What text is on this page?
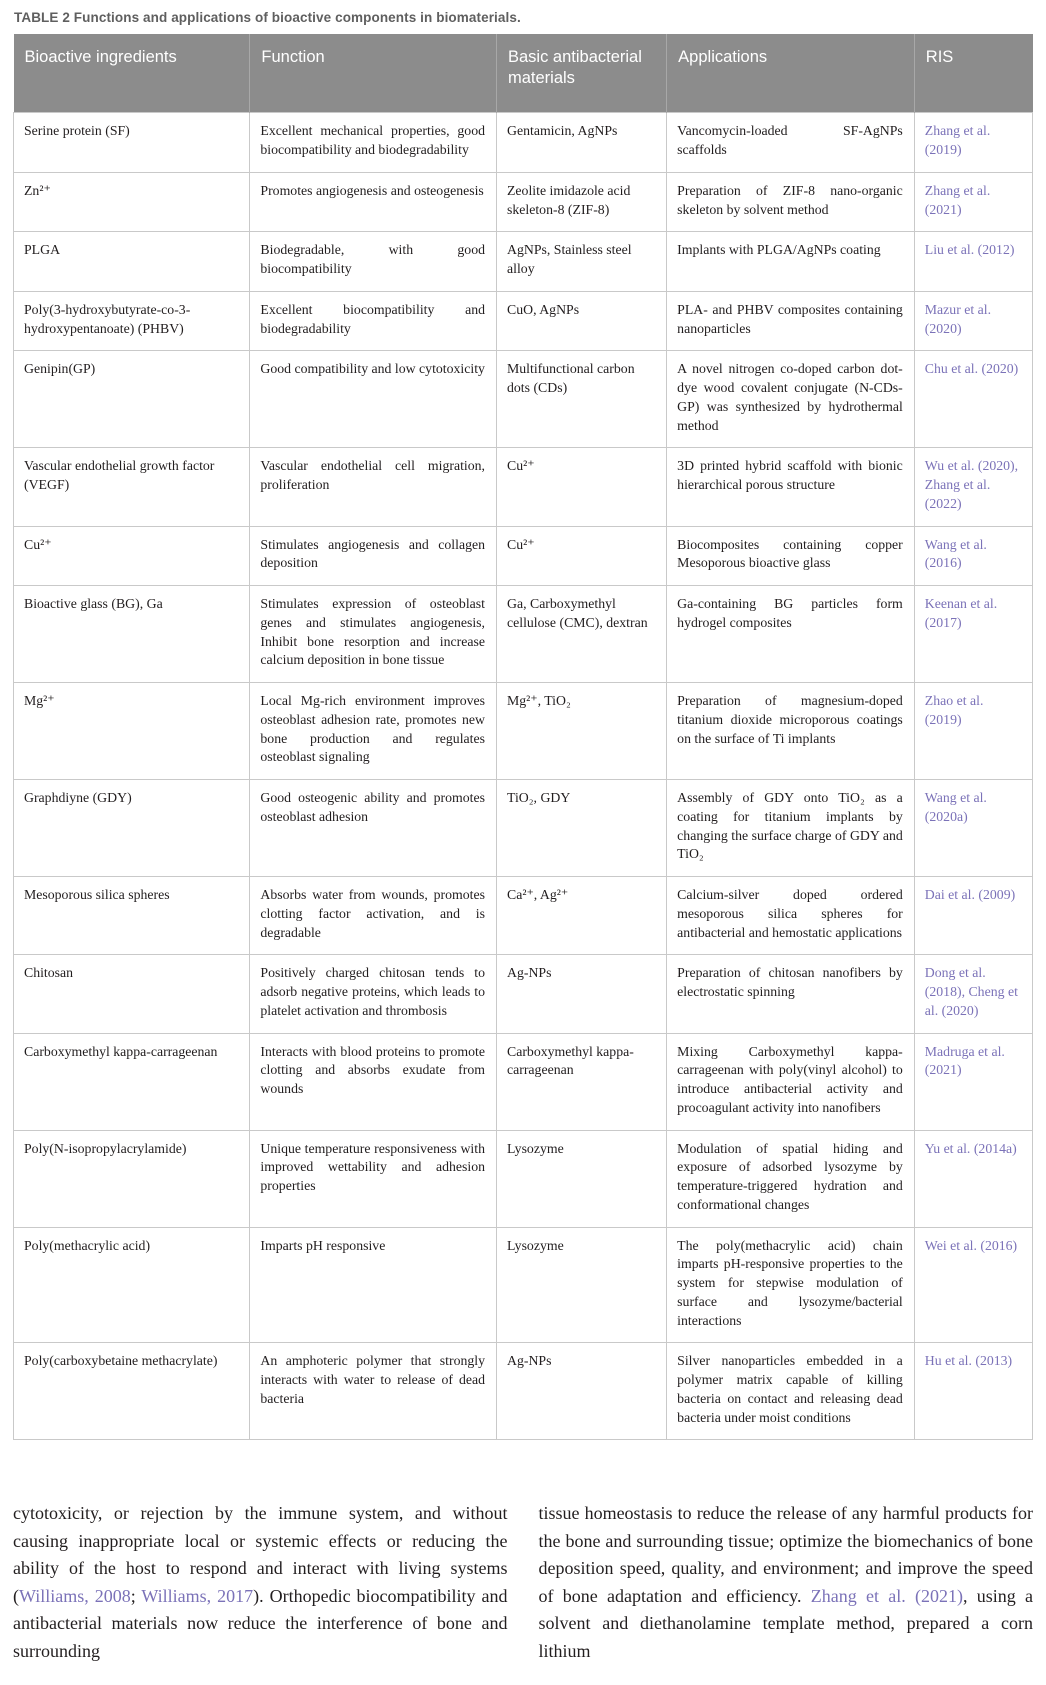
TABLE 2 Functions and applications of bioactive components in biomaterials.
Bioactive ingredients	Function	Basic antibacterial materials	Applications	RIS
Serine protein (SF)	Excellent mechanical properties, good biocompatibility and biodegradability	Gentamicin, AgNPs	Vancomycin-loaded SF-AgNPs scaffolds	Zhang et al. (2019)
Zn²⁺	Promotes angiogenesis and osteogenesis	Zeolite imidazole acid skeleton-8 (ZIF-8)	Preparation of ZIF-8 nano-organic skeleton by solvent method	Zhang et al. (2021)
PLGA	Biodegradable, with good biocompatibility	AgNPs, Stainless steel alloy	Implants with PLGA/AgNPs coating	Liu et al. (2012)
Poly(3-hydroxybutyrate-co-3-hydroxypentanoate) (PHBV)	Excellent biocompatibility and biodegradability	CuO, AgNPs	PLA- and PHBV composites containing nanoparticles	Mazur et al. (2020)
Genipin(GP)	Good compatibility and low cytotoxicity	Multifunctional carbon dots (CDs)	A novel nitrogen co-doped carbon dot-dye wood covalent conjugate (N-CDs-GP) was synthesized by hydrothermal method	Chu et al. (2020)
Vascular endothelial growth factor (VEGF)	Vascular endothelial cell migration, proliferation	Cu²⁺	3D printed hybrid scaffold with bionic hierarchical porous structure	Wu et al. (2020), Zhang et al. (2022)
Cu²⁺	Stimulates angiogenesis and collagen deposition	Cu²⁺	Biocomposites containing copper Mesoporous bioactive glass	Wang et al. (2016)
Bioactive glass (BG), Ga	Stimulates expression of osteoblast genes and stimulates angiogenesis, Inhibit bone resorption and increase calcium deposition in bone tissue	Ga, Carboxymethyl cellulose (CMC), dextran	Ga-containing BG particles form hydrogel composites	Keenan et al. (2017)
Mg²⁺	Local Mg-rich environment improves osteoblast adhesion rate, promotes new bone production and regulates osteoblast signaling	Mg²⁺, TiO₂	Preparation of magnesium-doped titanium dioxide microporous coatings on the surface of Ti implants	Zhao et al. (2019)
Graphdiyne (GDY)	Good osteogenic ability and promotes osteoblast adhesion	TiO₂, GDY	Assembly of GDY onto TiO₂ as a coating for titanium implants by changing the surface charge of GDY and TiO₂	Wang et al. (2020a)
Mesoporous silica spheres	Absorbs water from wounds, promotes clotting factor activation, and is degradable	Ca²⁺, Ag²⁺	Calcium-silver doped ordered mesoporous silica spheres for antibacterial and hemostatic applications	Dai et al. (2009)
Chitosan	Positively charged chitosan tends to adsorb negative proteins, which leads to platelet activation and thrombosis	Ag-NPs	Preparation of chitosan nanofibers by electrostatic spinning	Dong et al. (2018), Cheng et al. (2020)
Carboxymethyl kappa-carrageenan	Interacts with blood proteins to promote clotting and absorbs exudate from wounds	Carboxymethyl kappa-carrageenan	Mixing Carboxymethyl kappa-carrageenan with poly(vinyl alcohol) to introduce antibacterial activity and procoagulant activity into nanofibers	Madruga et al. (2021)
Poly(N-isopropylacrylamide)	Unique temperature responsiveness with improved wettability and adhesion properties	Lysozyme	Modulation of spatial hiding and exposure of adsorbed lysozyme by temperature-triggered hydration and conformational changes	Yu et al. (2014a)
Poly(methacrylic acid)	Imparts pH responsive	Lysozyme	The poly(methacrylic acid) chain imparts pH-responsive properties to the system for stepwise modulation of surface and lysozyme/bacterial interactions	Wei et al. (2016)
Poly(carboxybetaine methacrylate)	An amphoteric polymer that strongly interacts with water to release of dead bacteria	Ag-NPs	Silver nanoparticles embedded in a polymer matrix capable of killing bacteria on contact and releasing dead bacteria under moist conditions	Hu et al. (2013)
cytotoxicity, or rejection by the immune system, and without causing inappropriate local or systemic effects or reducing the ability of the host to respond and interact with living systems (Williams, 2008; Williams, 2017). Orthopedic biocompatibility and antibacterial materials now reduce the interference of bone and surrounding
tissue homeostasis to reduce the release of any harmful products for the bone and surrounding tissue; optimize the biomechanics of bone deposition speed, quality, and environment; and improve the speed of bone adaptation and efficiency. Zhang et al. (2021), using a solvent and diethanolamine template method, prepared a corn lithium
